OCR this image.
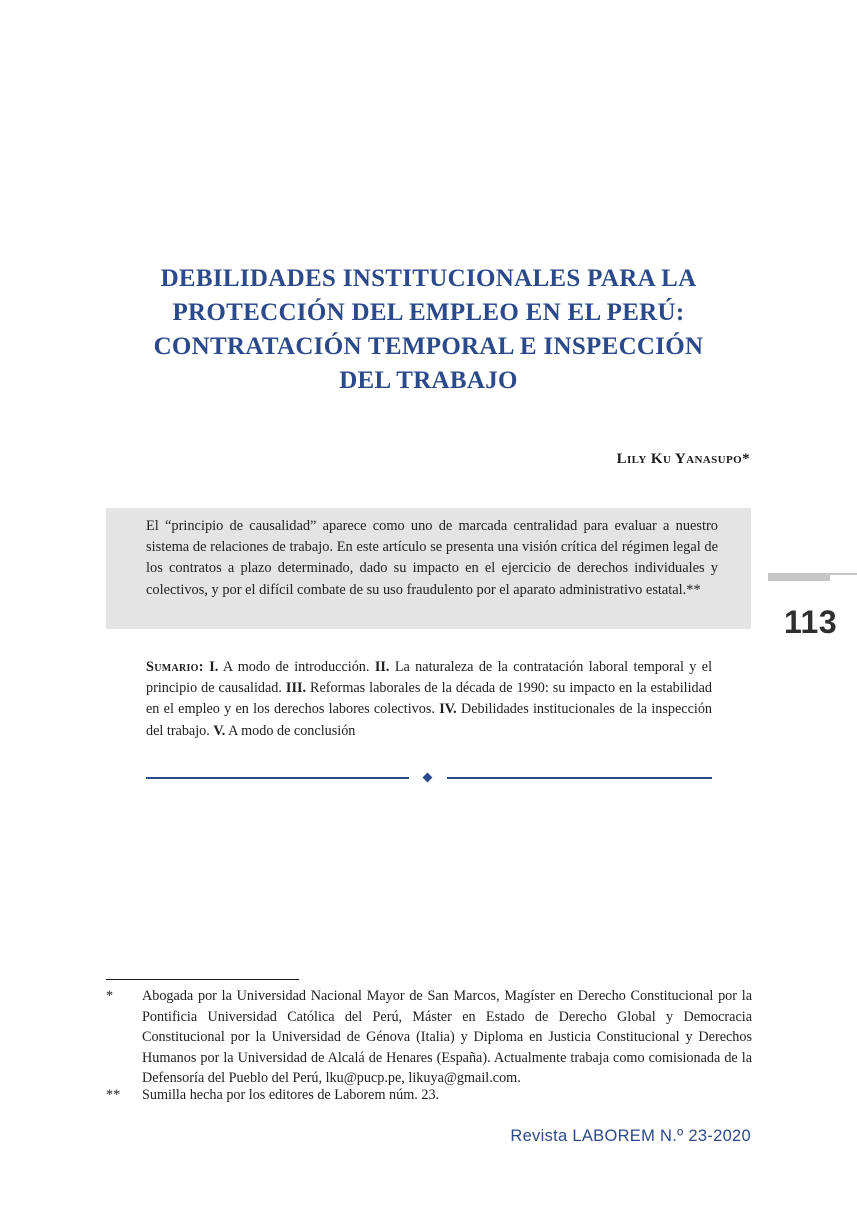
DEBILIDADES INSTITUCIONALES PARA LA
PROTECCIÓN DEL EMPLEO EN EL PERÚ:
CONTRATACIÓN TEMPORAL E INSPECCIÓN
DEL TRABAJO
Lily Ku Yanasupo*

El “principio de causalidad” aparece como uno de marcada centralidad para evaluar a nuestro sistema de relaciones de trabajo. En este artículo se presenta una visión crítica del régimen legal de los contratos a plazo determinado, dado su impacto en el ejercicio de derechos individuales y colectivos, y por el difícil combate de su uso fraudulento por el aparato administrativo estatal.**

113
Sumario: I. A modo de introducción. II. La naturaleza de la contratación laboral temporal y el principio de causalidad. III. Reformas laborales de la década de 1990: su impacto en la estabilidad en el empleo y en los derechos labores colectivos. IV. Debilidades institucionales de la inspección del trabajo. V. A modo de conclusión
* Abogada por la Universidad Nacional Mayor de San Marcos, Magíster en Derecho Constitucional por la Pontificia Universidad Católica del Perú, Máster en Estado de Derecho Global y Democracia Constitucional por la Universidad de Génova (Italia) y Diploma en Justicia Constitucional y Derechos Humanos por la Universidad de Alcalá de Henares (España). Actualmente trabaja como comisionada de la Defensoría del Pueblo del Perú, lku@pucp.pe, likuya@gmail.com.
** Sumilla hecha por los editores de Laborem núm. 23.
Revista LABOREM N.º 23-2020
